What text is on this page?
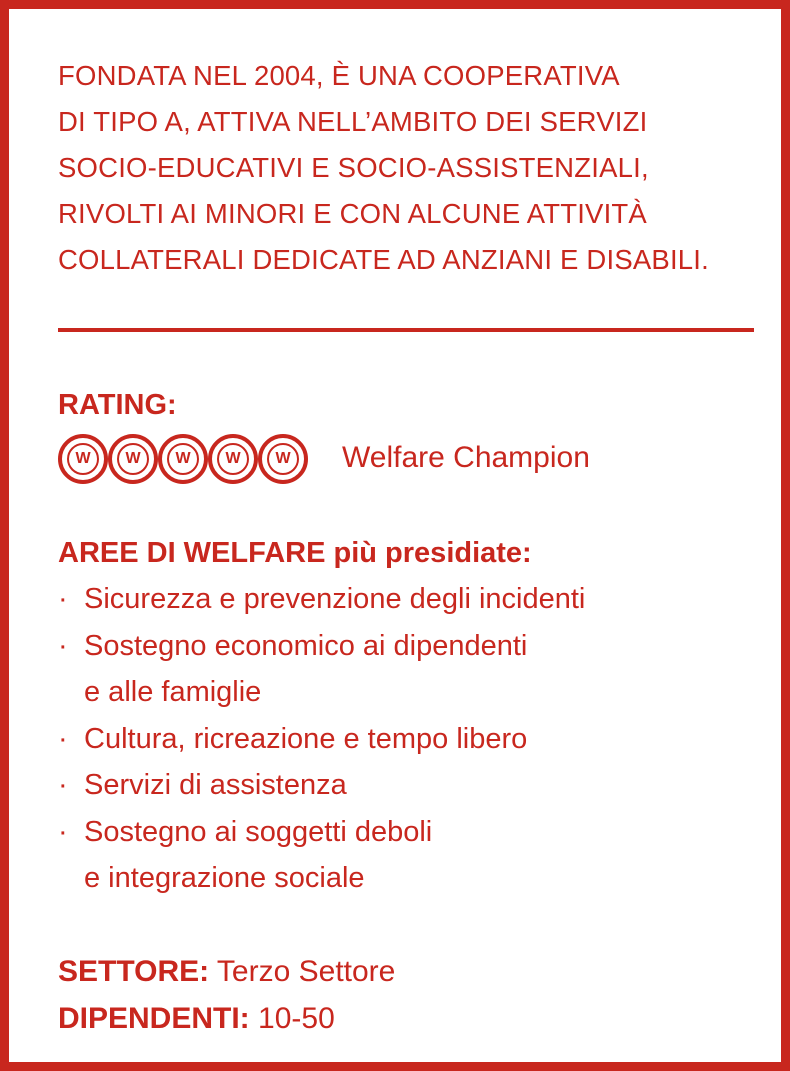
FONDATA NEL 2004, È UNA COOPERATIVA
DI TIPO A, ATTIVA NELL’AMBITO DEI SERVIZI
SOCIO-EDUCATIVI E SOCIO-ASSISTENZIALI,
RIVOLTI AI MINORI E CON ALCUNE ATTIVITÀ
COLLATERALI DEDICATE AD ANZIANI E DISABILI.

RATING:
W	W	W	W	W	Welfare Champion
AREE DI WELFARE più presidiate:
· Sicurezza e prevenzione degli incidenti
· Sostegno economico ai dipendenti
e alle famiglie
· Cultura, ricreazione e tempo libero
· Servizi di assistenza
· Sostegno ai soggetti deboli
e integrazione sociale
SETTORE: Terzo Settore
DIPENDENTI: 10-50
